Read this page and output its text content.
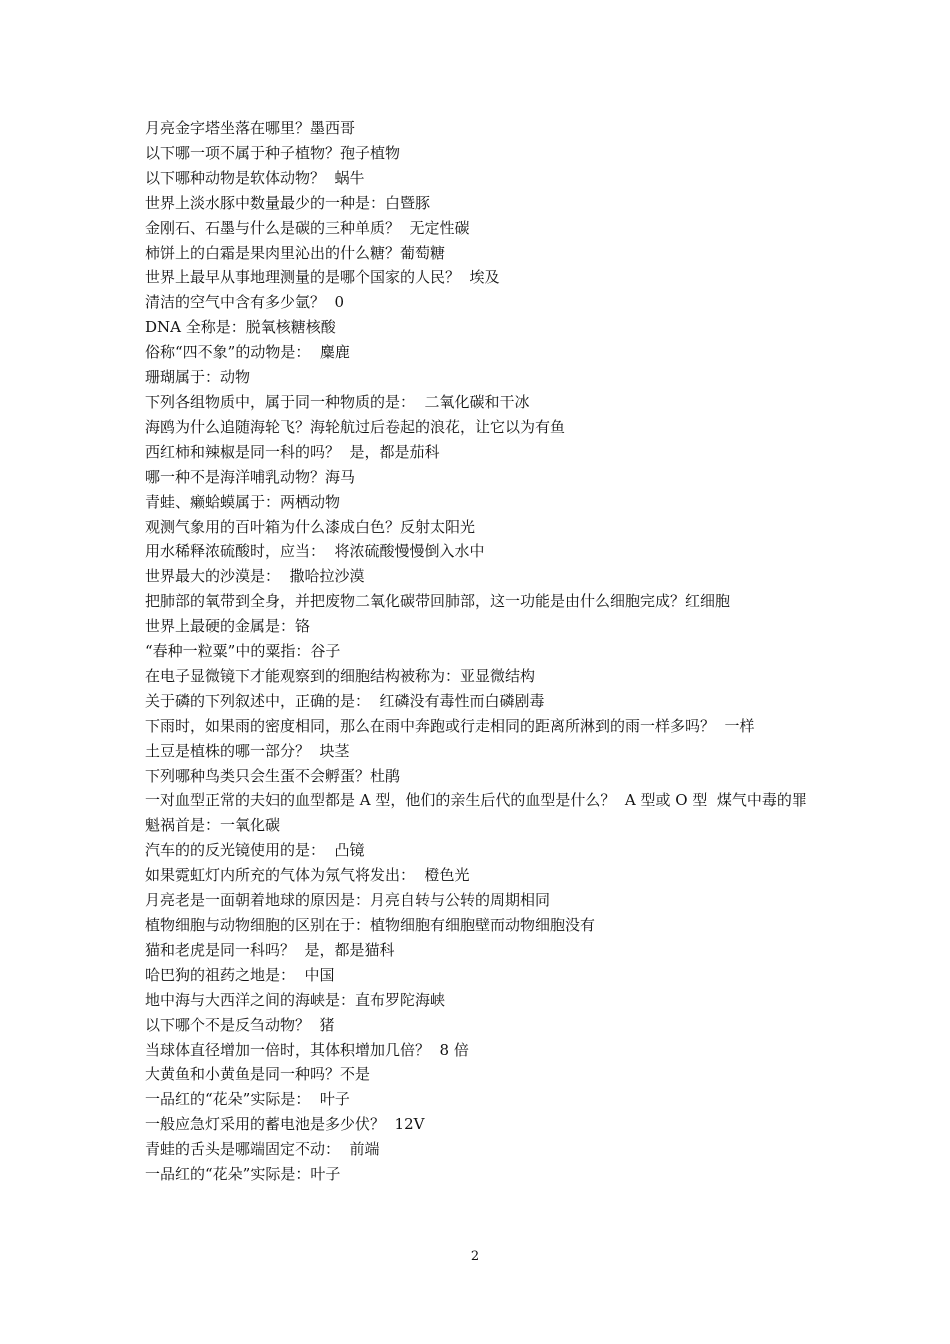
月亮金字塔坐落在哪里？墨西哥

以下哪一项不属于种子植物？孢子植物

以下哪种动物是软体动物？  蜗牛

世界上淡水豚中数量最少的一种是：白暨豚

金刚石、石墨与什么是碳的三种单质？  无定性碳

柿饼上的白霜是果肉里沁出的什么糖？葡萄糖

世界上最早从事地理测量的是哪个国家的人民？  埃及

清洁的空气中含有多少氩？  0

DNA 全称是：脱氧核糖核酸

俗称“四不象”的动物是：  麋鹿

珊瑚属于：动物

下列各组物质中，属于同一种物质的是：  二氧化碳和干冰

海鸥为什么追随海轮飞？海轮航过后卷起的浪花，让它以为有鱼

西红柿和辣椒是同一科的吗？  是，都是茄科

哪一种不是海洋哺乳动物？海马

青蛙、癞蛤蟆属于：两栖动物

观测气象用的百叶箱为什么漆成白色？反射太阳光

用水稀释浓硫酸时，应当：  将浓硫酸慢慢倒入水中

世界最大的沙漠是：  撒哈拉沙漠

把肺部的氧带到全身，并把废物二氧化碳带回肺部，这一功能是由什么细胞完成？红细胞

世界上最硬的金属是：铬

“春种一粒粟”中的粟指：谷子

在电子显微镜下才能观察到的细胞结构被称为：亚显微结构

关于磷的下列叙述中，正确的是：  红磷没有毒性而白磷剧毒

下雨时，如果雨的密度相同，那么在雨中奔跑或行走相同的距离所淋到的雨一样多吗？  一样

土豆是植株的哪一部分？  块茎

下列哪种鸟类只会生蛋不会孵蛋？杜鹃

一对血型正常的夫妇的血型都是 A 型，他们的亲生后代的血型是什么？  A 型或 O 型  煤气中毒的罪魁祸首是：一氧化碳

汽车的的反光镜使用的是：  凸镜

如果霓虹灯内所充的气体为氖气将发出：  橙色光

月亮老是一面朝着地球的原因是：月亮自转与公转的周期相同

植物细胞与动物细胞的区别在于：植物细胞有细胞壁而动物细胞没有

猫和老虎是同一科吗？  是，都是猫科

哈巴狗的祖药之地是：  中国

地中海与大西洋之间的海峡是：直布罗陀海峡

以下哪个不是反刍动物？  猪

当球体直径增加一倍时，其体积增加几倍？  8 倍

大黄鱼和小黄鱼是同一种吗？不是

一品红的“花朵”实际是：  叶子

一般应急灯采用的蓄电池是多少伏？  12V

青蛙的舌头是哪端固定不动：  前端

一品红的“花朵”实际是：叶子

2
